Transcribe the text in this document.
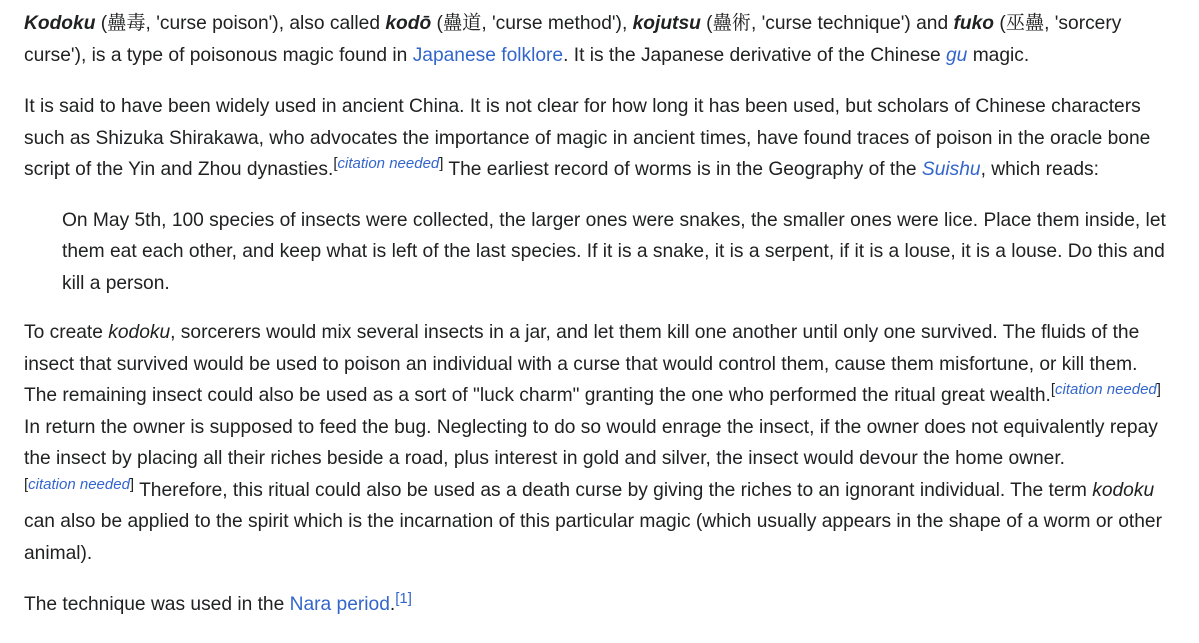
Kodoku (蠱毒, 'curse poison'), also called kodō (蠱道, 'curse method'), kojutsu (蠱術, 'curse technique') and fuko (巫蠱, 'sorcery curse'), is a type of poisonous magic found in Japanese folklore. It is the Japanese derivative of the Chinese gu magic.

It is said to have been widely used in ancient China. It is not clear for how long it has been used, but scholars of Chinese characters such as Shizuka Shirakawa, who advocates the importance of magic in ancient times, have found traces of poison in the oracle bone script of the Yin and Zhou dynasties.[citation needed] The earliest record of worms is in the Geography of the Suishu, which reads:

On May 5th, 100 species of insects were collected, the larger ones were snakes, the smaller ones were lice. Place them inside, let them eat each other, and keep what is left of the last species. If it is a snake, it is a serpent, if it is a louse, it is a louse. Do this and kill a person.

To create kodoku, sorcerers would mix several insects in a jar, and let them kill one another until only one survived. The fluids of the insect that survived would be used to poison an individual with a curse that would control them, cause them misfortune, or kill them. The remaining insect could also be used as a sort of "luck charm" granting the one who performed the ritual great wealth.[citation needed] In return the owner is supposed to feed the bug. Neglecting to do so would enrage the insect, if the owner does not equivalently repay the insect by placing all their riches beside a road, plus interest in gold and silver, the insect would devour the home owner.[citation needed] Therefore, this ritual could also be used as a death curse by giving the riches to an ignorant individual. The term kodoku can also be applied to the spirit which is the incarnation of this particular magic (which usually appears in the shape of a worm or other animal).

The technique was used in the Nara period.[1]
